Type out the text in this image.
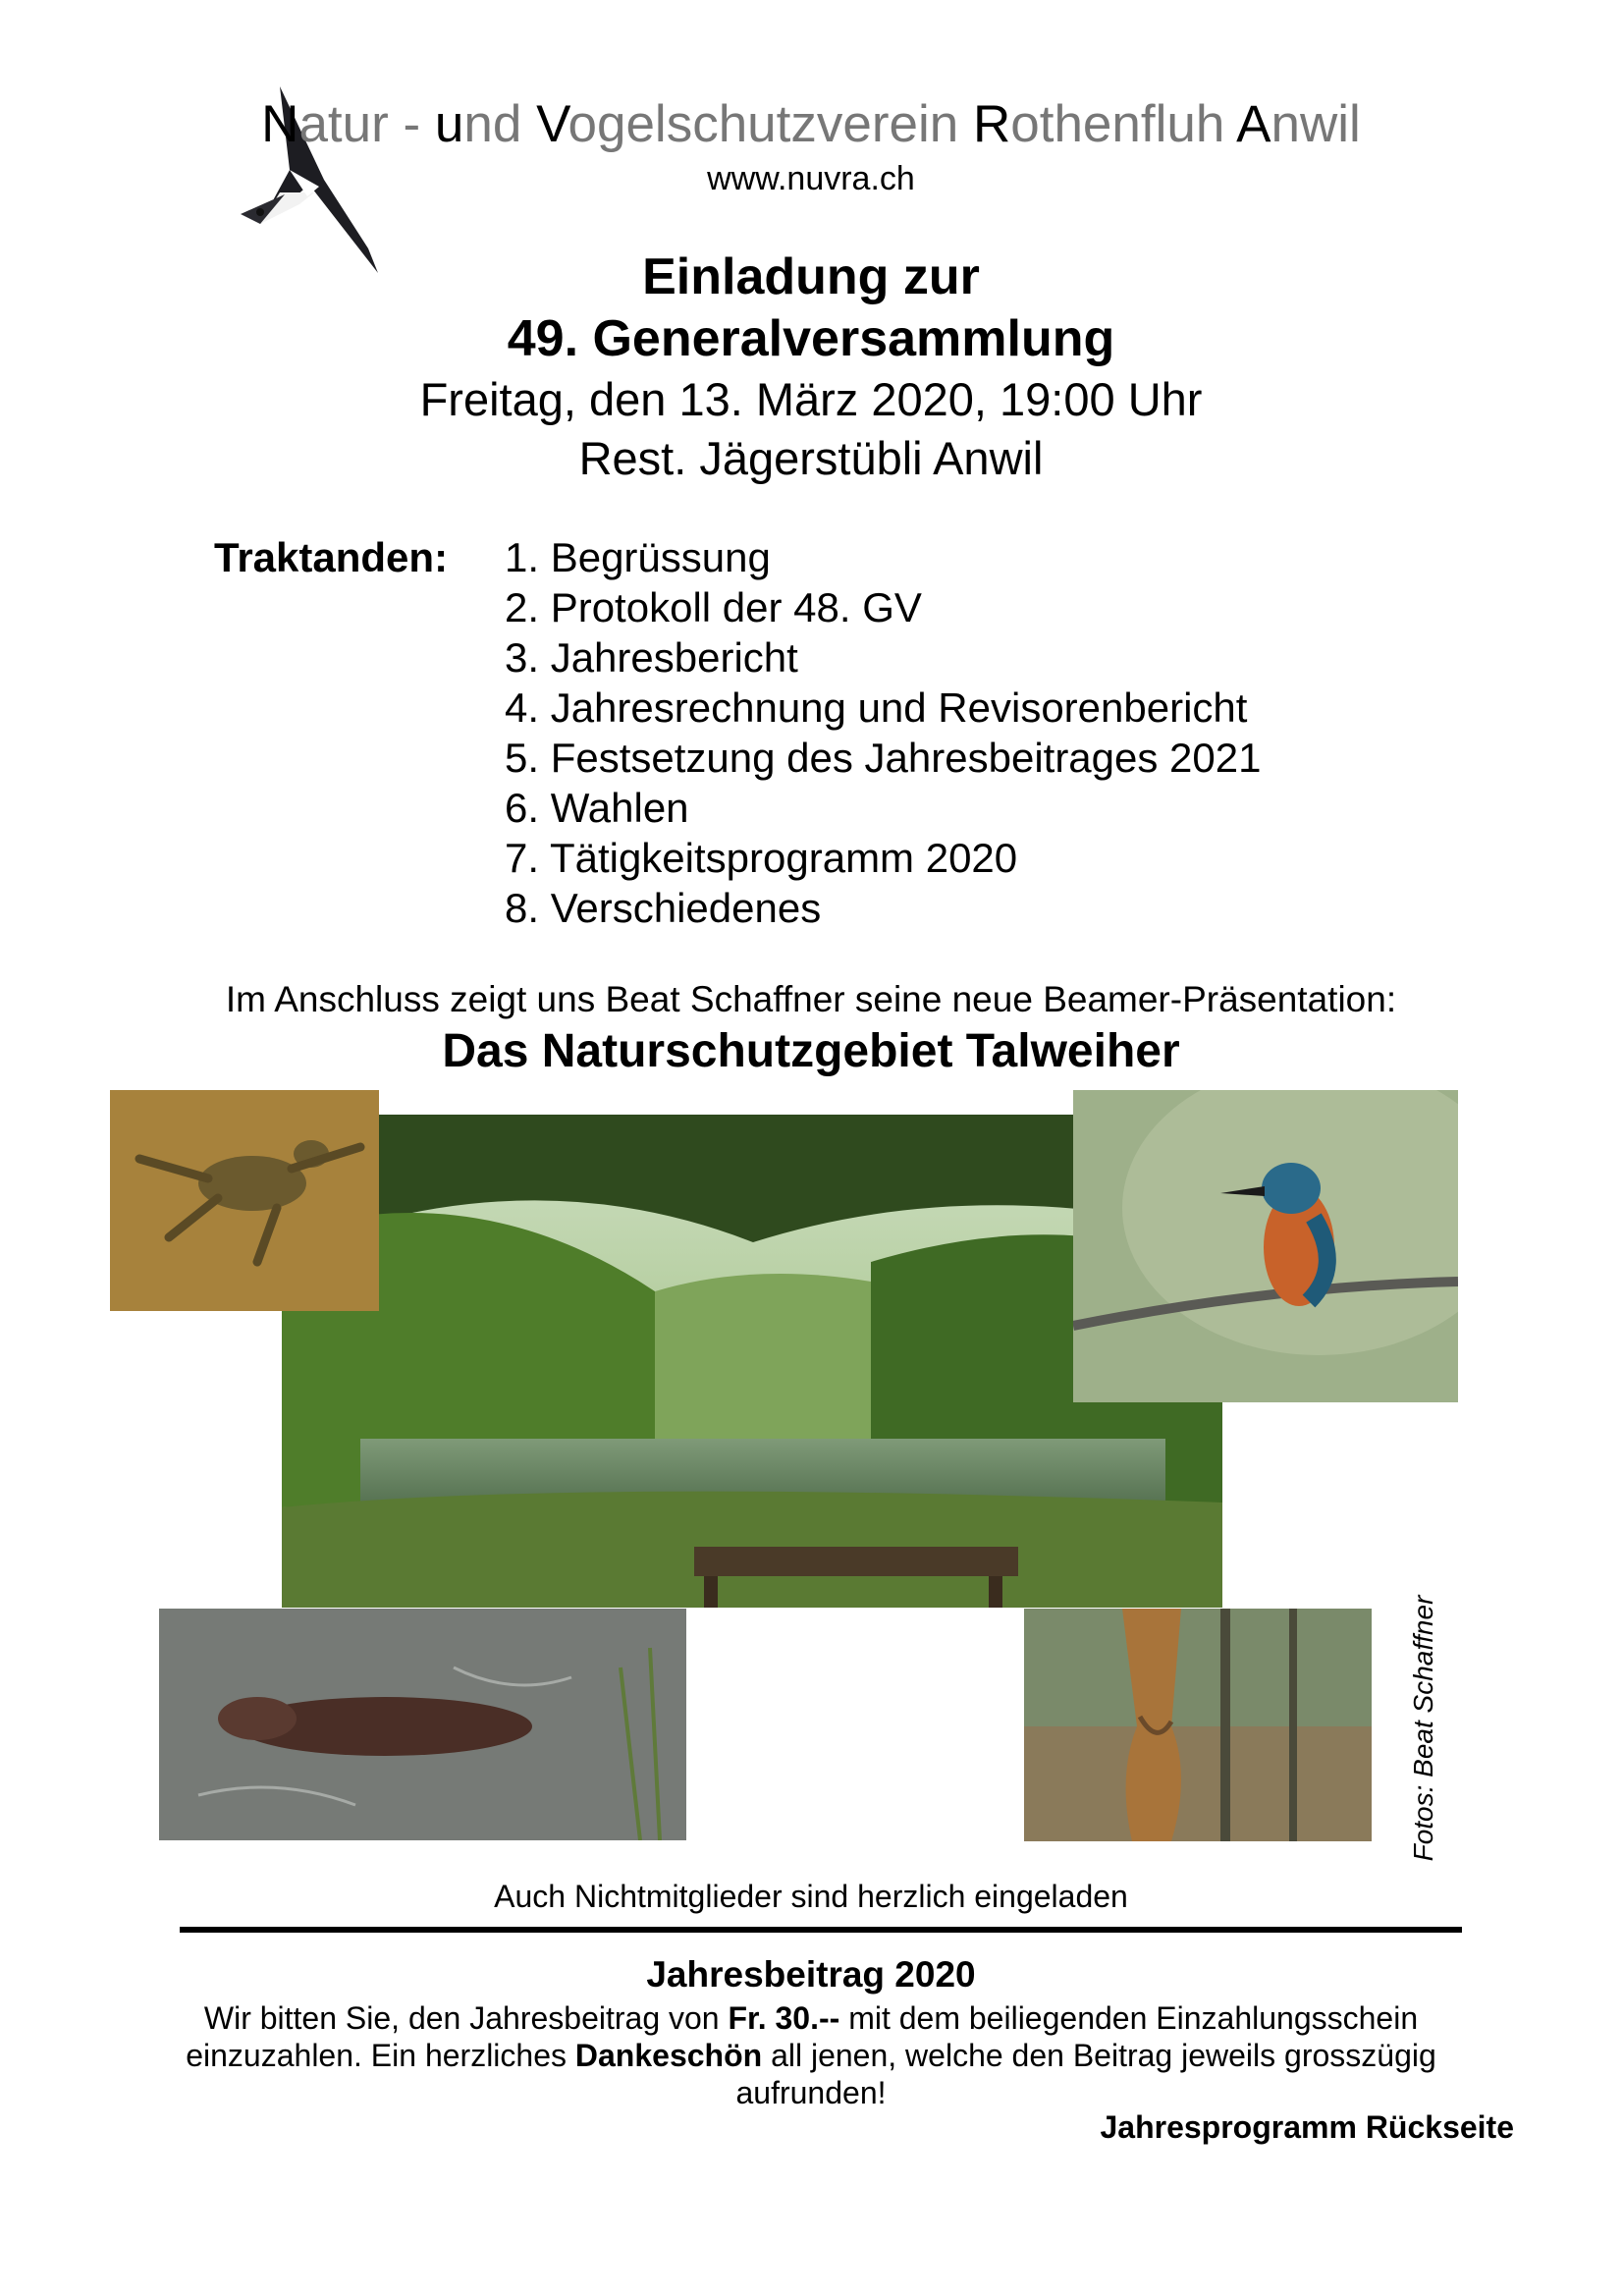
Natur - und Vogelschutzverein Rothenfluh Anwil
www.nuvra.ch
Einladung zur
49. Generalversammlung
Freitag, den 13. März 2020, 19:00 Uhr
Rest. Jägerstübli Anwil
Traktanden: 1. Begrüssung
2. Protokoll der 48. GV
3. Jahresbericht
4. Jahresrechnung und Revisorenbericht
5. Festsetzung des Jahresbeitrages 2021
6. Wahlen
7. Tätigkeitsprogramm 2020
8. Verschiedenes
Im Anschluss zeigt uns Beat Schaffner seine neue Beamer-Präsentation:
Das Naturschutzgebiet Talweiher
Fotos: Beat Schaffner
Auch Nichtmitglieder sind herzlich eingeladen
Jahresbeitrag 2020
Wir bitten Sie, den Jahresbeitrag von Fr. 30.-- mit dem beiliegenden Einzahlungsschein einzuzahlen. Ein herzliches Dankeschön all jenen, welche den Beitrag jeweils grosszügig aufrunden!
Jahresprogramm Rückseite
